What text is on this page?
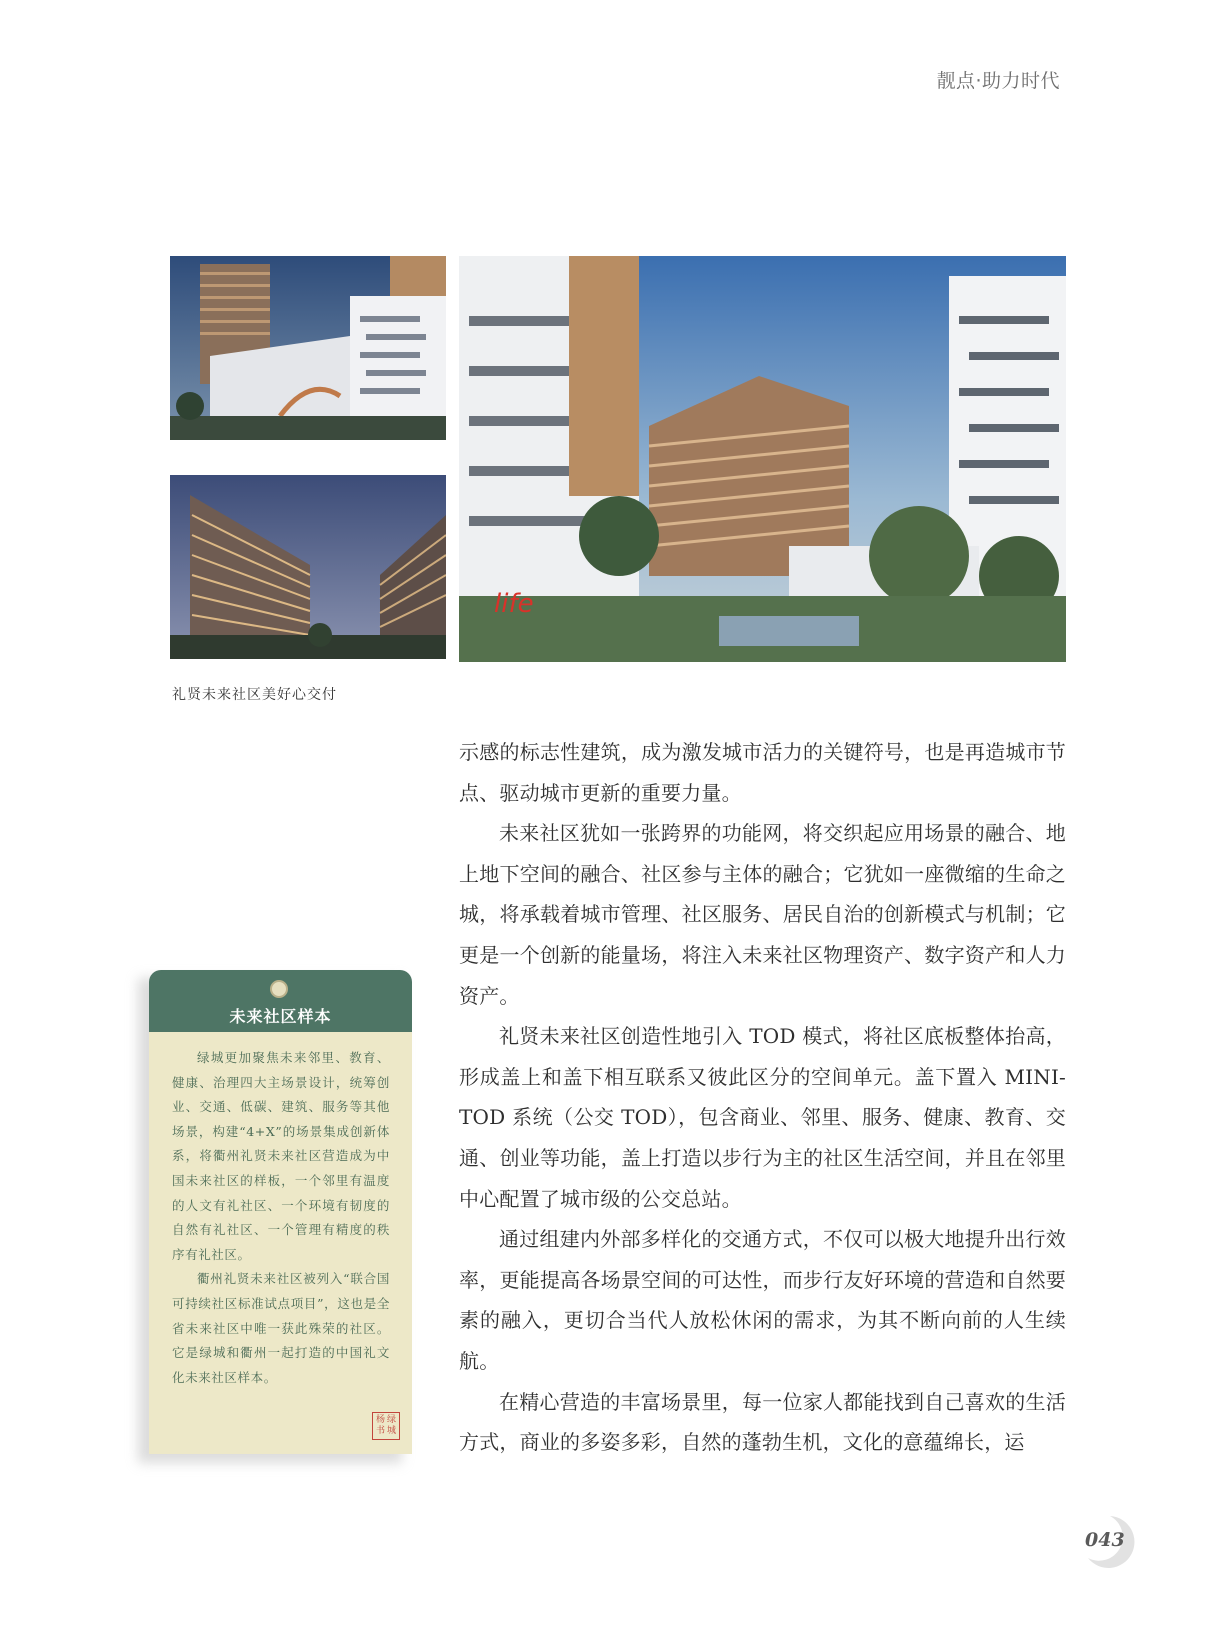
靓点·助力时代
life
礼贤未来社区美好心交付

示感的标志性建筑，成为激发城市活力的关键符号，也是再造城市节点、驱动城市更新的重要力量。

未来社区犹如一张跨界的功能网，将交织起应用场景的融合、地上地下空间的融合、社区参与主体的融合；它犹如一座微缩的生命之城，将承载着城市管理、社区服务、居民自治的创新模式与机制；它更是一个创新的能量场，将注入未来社区物理资产、数字资产和人力资产。

礼贤未来社区创造性地引入 TOD 模式，将社区底板整体抬高，形成盖上和盖下相互联系又彼此区分的空间单元。盖下置入 MINI-TOD 系统（公交 TOD），包含商业、邻里、服务、健康、教育、交通、创业等功能，盖上打造以步行为主的社区生活空间，并且在邻里中心配置了城市级的公交总站。

通过组建内外部多样化的交通方式，不仅可以极大地提升出行效率，更能提高各场景空间的可达性，而步行友好环境的营造和自然要素的融入，更切合当代人放松休闲的需求，为其不断向前的人生续航。

在精心营造的丰富场景里，每一位家人都能找到自己喜欢的生活方式，商业的多姿多彩，自然的蓬勃生机，文化的意蕴绵长，运

未来社区样本

绿城更加聚焦未来邻里、教育、健康、治理四大主场景设计，统筹创业、交通、低碳、建筑、服务等其他场景，构建“4+X”的场景集成创新体系，将衢州礼贤未来社区营造成为中国未来社区的样板，一个邻里有温度的人文有礼社区、一个环境有韧度的自然有礼社区、一个管理有精度的秩序有礼社区。

衢州礼贤未来社区被列入“联合国可持续社区标准试点项目”，这也是全省未来社区中唯一获此殊荣的社区。它是绿城和衢州一起打造的中国礼文化未来社区样本。

杨 绿
书 城
043
